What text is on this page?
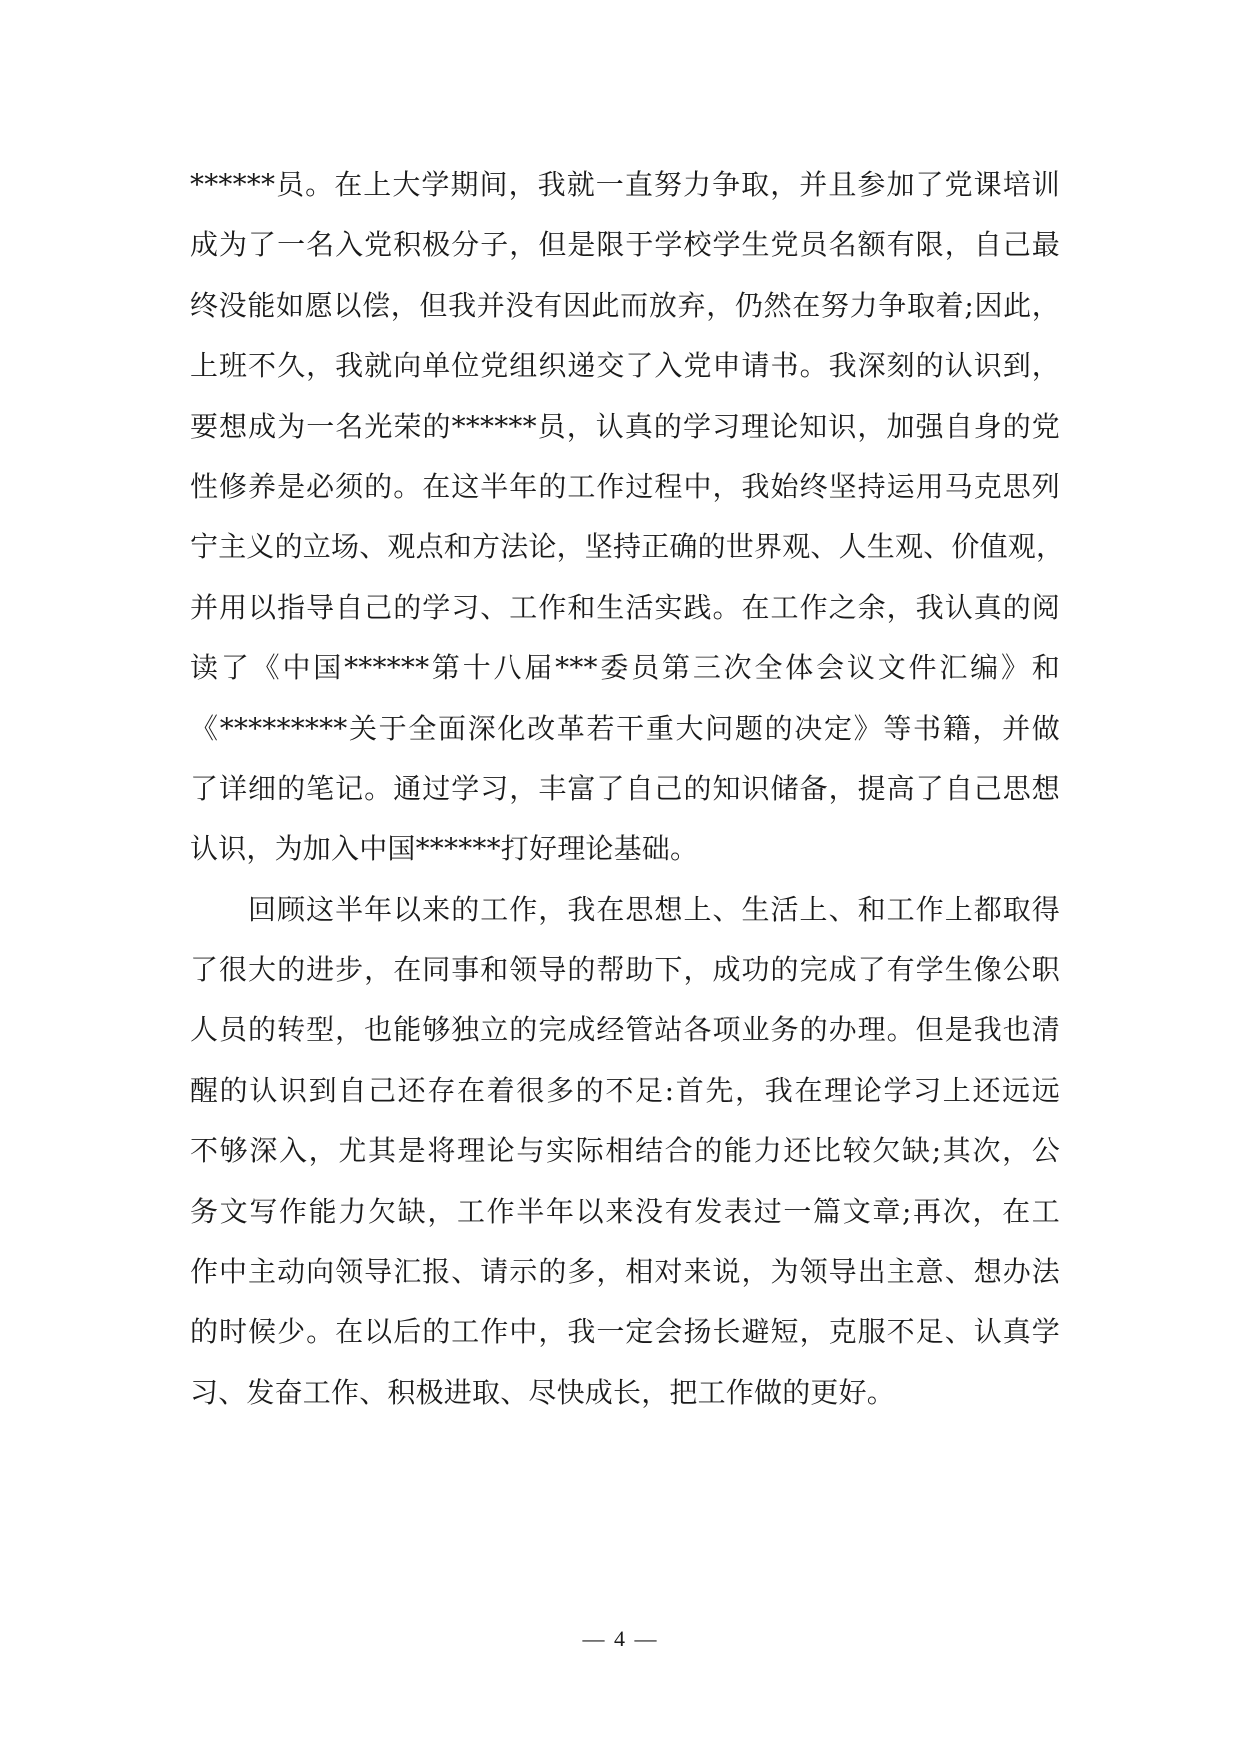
******员。在上大学期间，我就一直努力争取，并且参加了党课培训
成为了一名入党积极分子，但是限于学校学生党员名额有限，自己最
终没能如愿以偿，但我并没有因此而放弃，仍然在努力争取着;因此，
上班不久，我就向单位党组织递交了入党申请书。我深刻的认识到，
要想成为一名光荣的******员，认真的学习理论知识，加强自身的党
性修养是必须的。在这半年的工作过程中，我始终坚持运用马克思列
宁主义的立场、观点和方法论，坚持正确的世界观、人生观、价值观，
并用以指导自己的学习、工作和生活实践。在工作之余，我认真的阅
读了《中国******第十八届***委员第三次全体会议文件汇编》和
《*********关于全面深化改革若干重大问题的决定》等书籍，并做
了详细的笔记。通过学习，丰富了自己的知识储备，提高了自己思想
认识，为加入中国******打好理论基础。
回顾这半年以来的工作，我在思想上、生活上、和工作上都取得
了很大的进步，在同事和领导的帮助下，成功的完成了有学生像公职
人员的转型，也能够独立的完成经管站各项业务的办理。但是我也清
醒的认识到自己还存在着很多的不足:首先，我在理论学习上还远远
不够深入，尤其是将理论与实际相结合的能力还比较欠缺;其次，公
务文写作能力欠缺，工作半年以来没有发表过一篇文章;再次，在工
作中主动向领导汇报、请示的多，相对来说，为领导出主意、想办法
的时候少。在以后的工作中，我一定会扬长避短，克服不足、认真学
习、发奋工作、积极进取、尽快成长，把工作做的更好。
— 4 —
